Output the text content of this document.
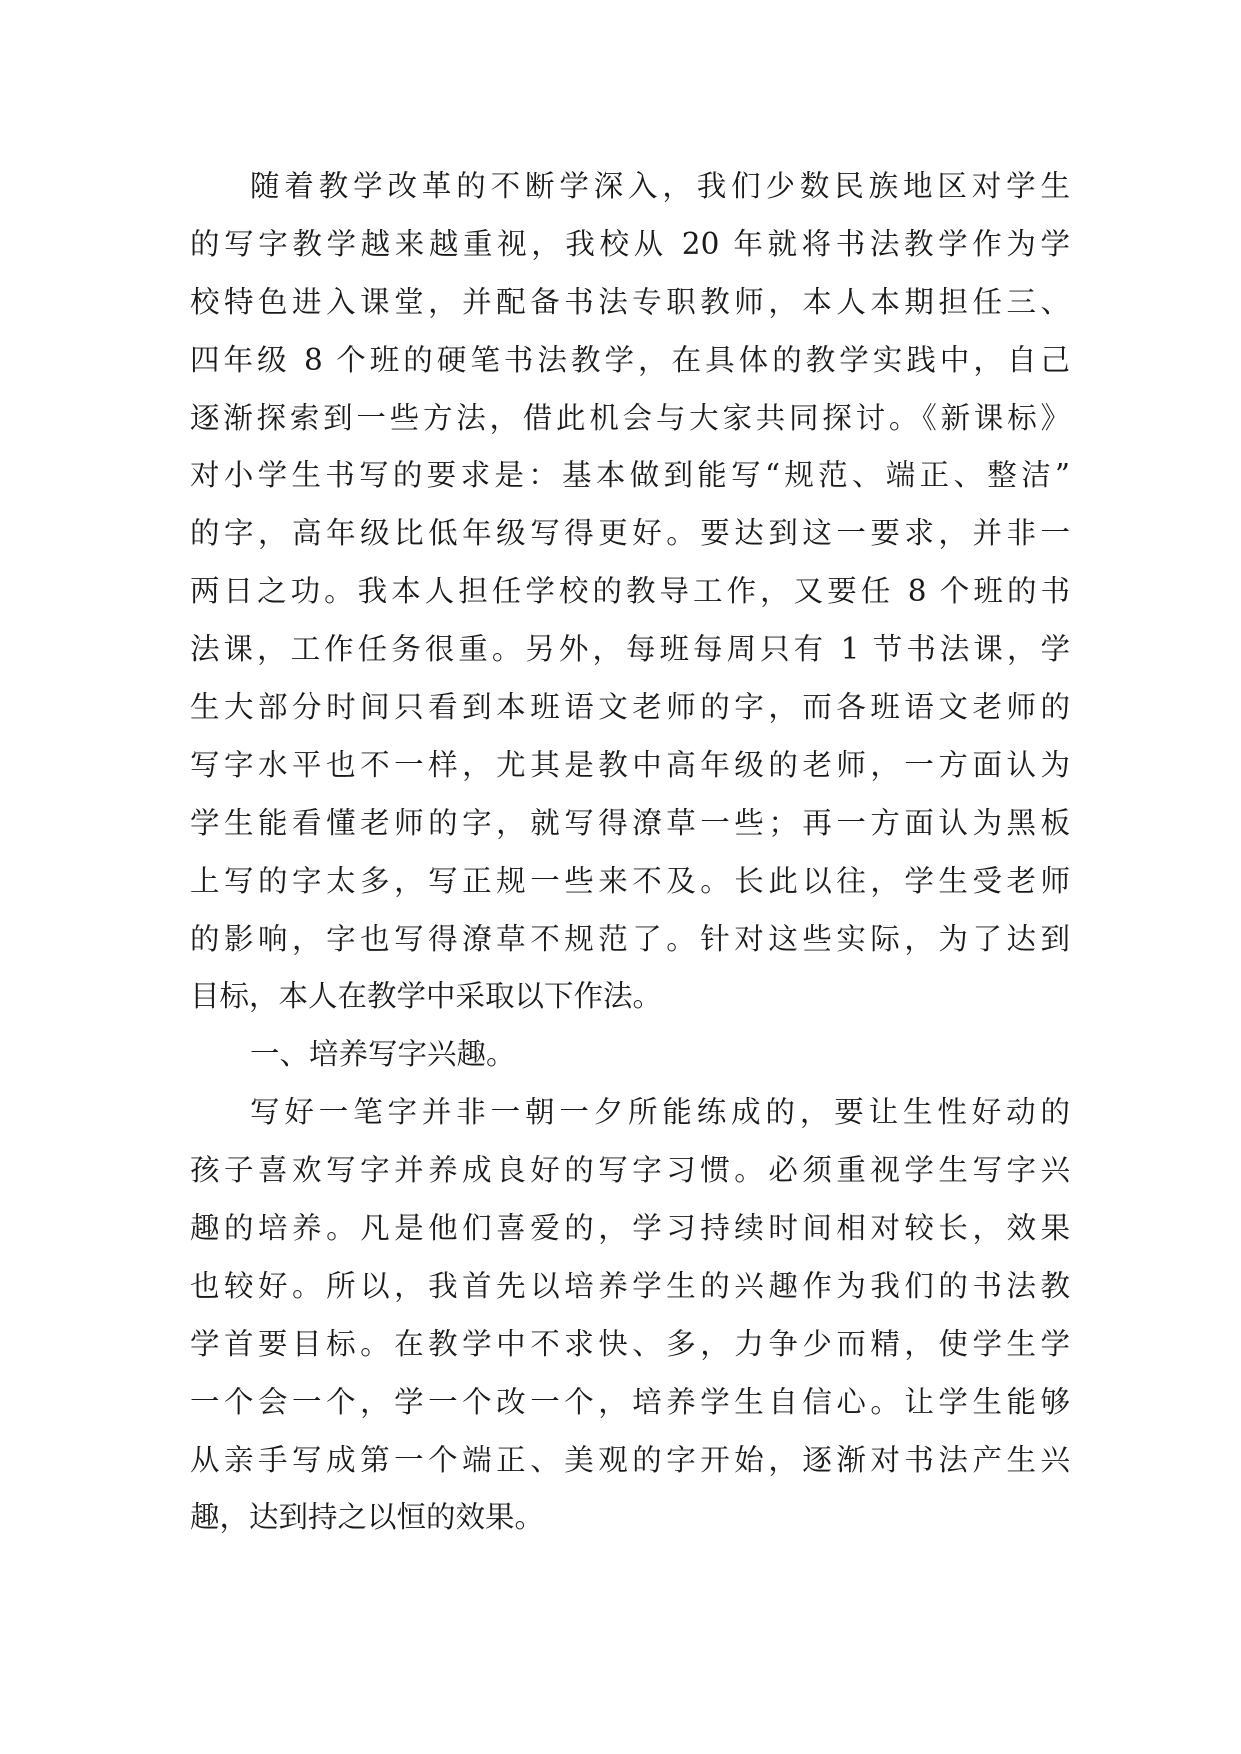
随着教学改革的不断学深入，我们少数民族地区对学生
的写字教学越来越重视，我校从 20 年就将书法教学作为学
校特色进入课堂，并配备书法专职教师，本人本期担任三、
四年级 8 个班的硬笔书法教学，在具体的教学实践中，自己
逐渐探索到一些方法，借此机会与大家共同探讨。《新课标》
对小学生书写的要求是：基本做到能写“规范、端正、整洁”
的字，高年级比低年级写得更好。要达到这一要求，并非一
两日之功。我本人担任学校的教导工作，又要任 8 个班的书
法课，工作任务很重。另外，每班每周只有 1 节书法课，学
生大部分时间只看到本班语文老师的字，而各班语文老师的
写字水平也不一样，尤其是教中高年级的老师，一方面认为
学生能看懂老师的字，就写得潦草一些；再一方面认为黑板
上写的字太多，写正规一些来不及。长此以往，学生受老师
的影响，字也写得潦草不规范了。针对这些实际，为了达到
目标，本人在教学中采取以下作法。
一、培养写字兴趣。
写好一笔字并非一朝一夕所能练成的，要让生性好动的
孩子喜欢写字并养成良好的写字习惯。必须重视学生写字兴
趣的培养。凡是他们喜爱的，学习持续时间相对较长，效果
也较好。所以，我首先以培养学生的兴趣作为我们的书法教
学首要目标。在教学中不求快、多，力争少而精，使学生学
一个会一个，学一个改一个，培养学生自信心。让学生能够
从亲手写成第一个端正、美观的字开始，逐渐对书法产生兴
趣，达到持之以恒的效果。
